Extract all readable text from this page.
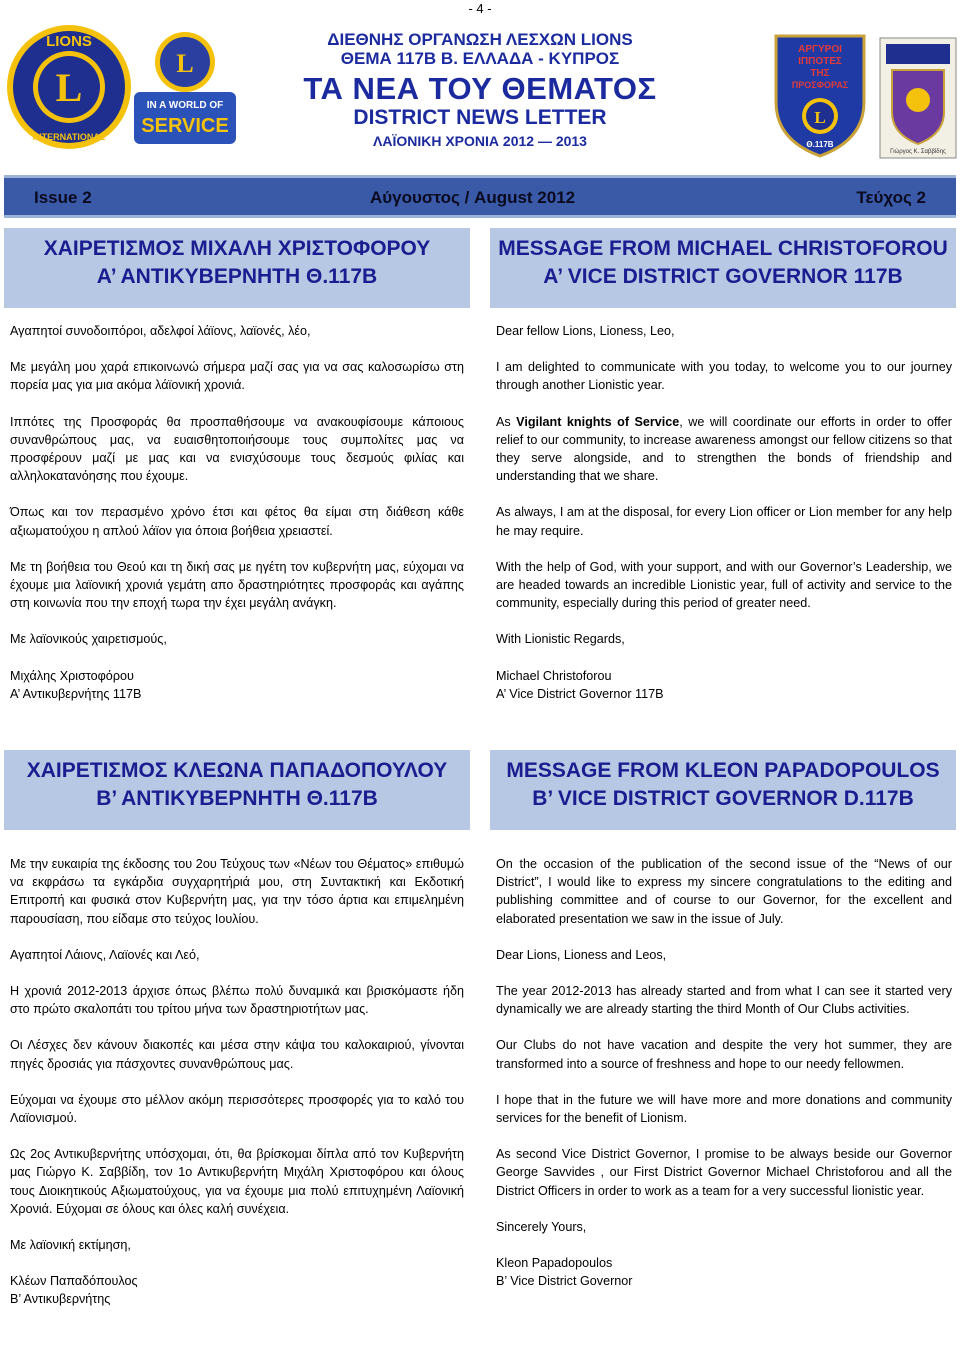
- 4 -
L
LIONS
INTERNATIONAL
L
IN A WORLD OF
SERVICE
ΔΙΕΘΝΗΣ ΟΡΓΑΝΩΣΗ ΛΕΣΧΩΝ LIONS
ΘΕΜΑ 117Β Β. ΕΛΛΑΔΑ - ΚΥΠΡΟΣ
ΤΑ ΝΕΑ ΤΟΥ ΘΕΜΑΤΟΣ
DISTRICT NEWS LETTER
ΛΑΪΟΝΙΚΗ ΧΡΟΝΙΑ 2012 — 2013
ΑΡΓΥΡΟΙ
ΙΠΠΟΤΕΣ
ΤΗΣ
ΠΡΟΣΦΟΡΑΣ
L
Θ.117Β
Γιώργος Κ. Σαββίδης
Issue 2	Αύγουστος / August 2012	Τεύχος 2
ΧΑΙΡΕΤΙΣΜΟΣ ΜΙΧΑΛΗ ΧΡΙΣΤΟΦΟΡΟΥ
Α’ ΑΝΤΙΚΥΒΕΡΝΗΤΗ Θ.117Β
MESSAGE FROM MICHAEL CHRISTOFOROU
A’ VICE DISTRICT GOVERNOR 117B

Αγαπητοί συνοδοιπόροι, αδελφοί λάϊονς, λαϊονές, λέο,

Με μεγάλη μου χαρά επικοινωνώ σήμερα μαζί σας για να σας καλοσωρίσω στη πορεία μας για μια ακόμα λάϊονική χρονιά.

Ιππότες της Προσφοράς θα προσπαθήσουμε να ανακουφίσουμε κάποιους συνανθρώπους μας, να ευαισθητοποιήσουμε τους συμπολίτες μας να προσφέρουν μαζί με μας και να ενισχύσουμε τους δεσμούς φιλίας και αλληλοκατανόησης που έχουμε.

Όπως και τον περασμένο χρόνο έτσι και φέτος θα είμαι στη διάθεση κάθε αξιωματούχου η απλού λάϊον για όποια βοήθεια χρειαστεί.

Με τη βοήθεια του Θεού και τη δική σας με ηγέτη τον κυβερνήτη μας, εύχομαι να έχουμε μια λαϊονική χρονιά γεμάτη απο δραστηριότητες προσφοράς και αγάπης στη κοινωνία που την εποχή τωρα την έχει μεγάλη ανάγκη.

Με λαϊονικούς χαιρετισμούς,

Μιχάλης Χριστοφόρου
Α’ Αντικυβερνήτης 117Β

Dear fellow Lions, Lioness, Leo,

I am delighted to communicate with you today, to welcome you to our journey through another Lionistic year.

As Vigilant knights of Service, we will coordinate our efforts in order to offer relief to our community, to increase awareness amongst our fellow citizens so that they serve alongside, and to strengthen the bonds of friendship and understanding that we share.

As always, I am at the disposal, for every Lion officer or Lion member for any help he may require.

With the help of God, with your support, and with our Governor’s Leadership, we are headed towards an incredible Lionistic year, full of activity and service to the community, especially during this period of greater need.

With Lionistic Regards,

Michael Christoforou
A’ Vice District Governor 117B
ΧΑΙΡΕΤΙΣΜΟΣ ΚΛΕΩΝΑ ΠΑΠΑΔΟΠΟΥΛΟΥ
Β’ ΑΝΤΙΚΥΒΕΡΝΗΤΗ Θ.117Β
MESSAGE FROM KLEON PAPADOPOULOS
B’ VICE DISTRICT GOVERNOR D.117B

Με την ευκαιρία της έκδοσης του 2ου Τεύχους των «Νέων του Θέματος» επιθυμώ να εκφράσω τα εγκάρδια συγχαρητήριά μου, στη Συντακτική και Εκδοτική Επιτροπή και φυσικά στον Κυβερνήτη μας, για την τόσο άρτια και επιμελημένη παρουσίαση, που είδαμε στο τεύχος Ιουλίου.

Αγαπητοί Λάιονς, Λαϊονές και Λεό,

Η χρονιά 2012-2013 άρχισε όπως βλέπω πολύ δυναμικά και βρισκόμαστε ήδη στο πρώτο σκαλοπάτι του τρίτου μήνα των δραστηριοτήτων μας.

Οι Λέσχες δεν κάνουν διακοπές και μέσα στην κάψα του καλοκαιριού, γίνονται πηγές δροσιάς για πάσχοντες συνανθρώπους μας.

Εύχομαι να έχουμε στο μέλλον ακόμη περισσότερες προσφορές για το καλό του Λαϊονισμού.

Ως 2ος Αντικυβερνήτης υπόσχομαι, ότι, θα βρίσκομαι δίπλα από τον Κυβερνήτη μας Γιώργο Κ. Σαββίδη, τον 1ο Αντικυβερνήτη Μιχάλη Χριστοφόρου και όλους τους Διοικητικούς Αξιωματούχους, για να έχουμε μια πολύ επιτυχημένη Λαϊονική Χρονιά. Εύχομαι σε όλους και όλες καλή συνέχεια.

Με λαϊονική εκτίμηση,

Κλέων Παπαδόπουλος
Β’ Αντικυβερνήτης

On the occasion of the publication of the second issue of the “News of our District”, I would like to express my sincere congratulations to the editing and publishing committee and of course to our Governor, for the excellent and elaborated presentation we saw in the issue of July.

Dear Lions, Lioness and Leos,

The year 2012-2013 has already started and from what I can see it started very dynamically we are already starting the third Month of Our Clubs activities.

Our Clubs do not have vacation and despite the very hot summer, they are transformed into a source of freshness and hope to our needy fellowmen.

I hope that in the future we will have more and more donations and community services for the benefit of Lionism.

As second Vice District Governor, I promise to be always beside our Governor George Savvides , our First District Governor Michael Christoforou and all the District Officers in order to work as a team for a very successful lionistic year.

Sincerely Yours,

Kleon Papadopoulos
B’ Vice District Governor
